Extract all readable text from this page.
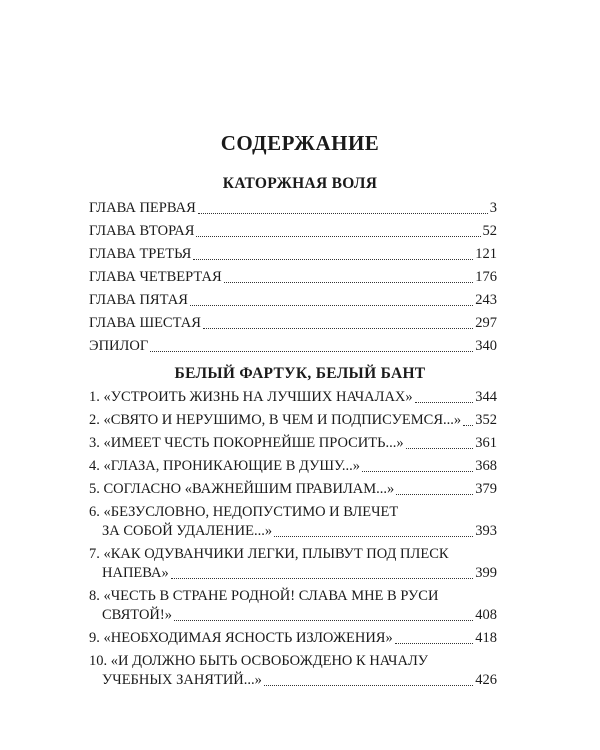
СОДЕРЖАНИЕ
КАТОРЖНАЯ ВОЛЯ
ГЛАВА ПЕРВАЯ	3
ГЛАВА ВТОРАЯ	52
ГЛАВА ТРЕТЬЯ	121
ГЛАВА ЧЕТВЕРТАЯ	176
ГЛАВА ПЯТАЯ	243
ГЛАВА ШЕСТАЯ	297
ЭПИЛОГ	340
БЕЛЫЙ ФАРТУК, БЕЛЫЙ БАНТ
1. «УСТРОИТЬ ЖИЗНЬ НА ЛУЧШИХ НАЧАЛАХ»	344
2. «СВЯТО И НЕРУШИМО, В ЧЕМ И ПОДПИСУЕМСЯ...» 352
3. «ИМЕЕТ ЧЕСТЬ ПОКОРНЕЙШЕ ПРОСИТЬ...»	361
4. «ГЛАЗА, ПРОНИКАЮЩИЕ В ДУШУ...»	368
5. СОГЛАСНО «ВАЖНЕЙШИМ ПРАВИЛАМ...»	379
6. «БЕЗУСЛОВНО, НЕДОПУСТИМО И ВЛЕЧЕТ
ЗА СОБОЙ УДАЛЕНИЕ...»	393
7. «КАК ОДУВАНЧИКИ ЛЕГКИ, ПЛЫВУТ ПОД ПЛЕСК
НАПЕВА»	399
8. «ЧЕСТЬ В СТРАНЕ РОДНОЙ! СЛАВА МНЕ В РУСИ
СВЯТОЙ!»	408
9. «НЕОБХОДИМАЯ ЯСНОСТЬ ИЗЛОЖЕНИЯ»	418
10. «И ДОЛЖНО БЫТЬ ОСВОБОЖДЕНО К НАЧАЛУ
УЧЕБНЫХ ЗАНЯТИЙ...»	426
